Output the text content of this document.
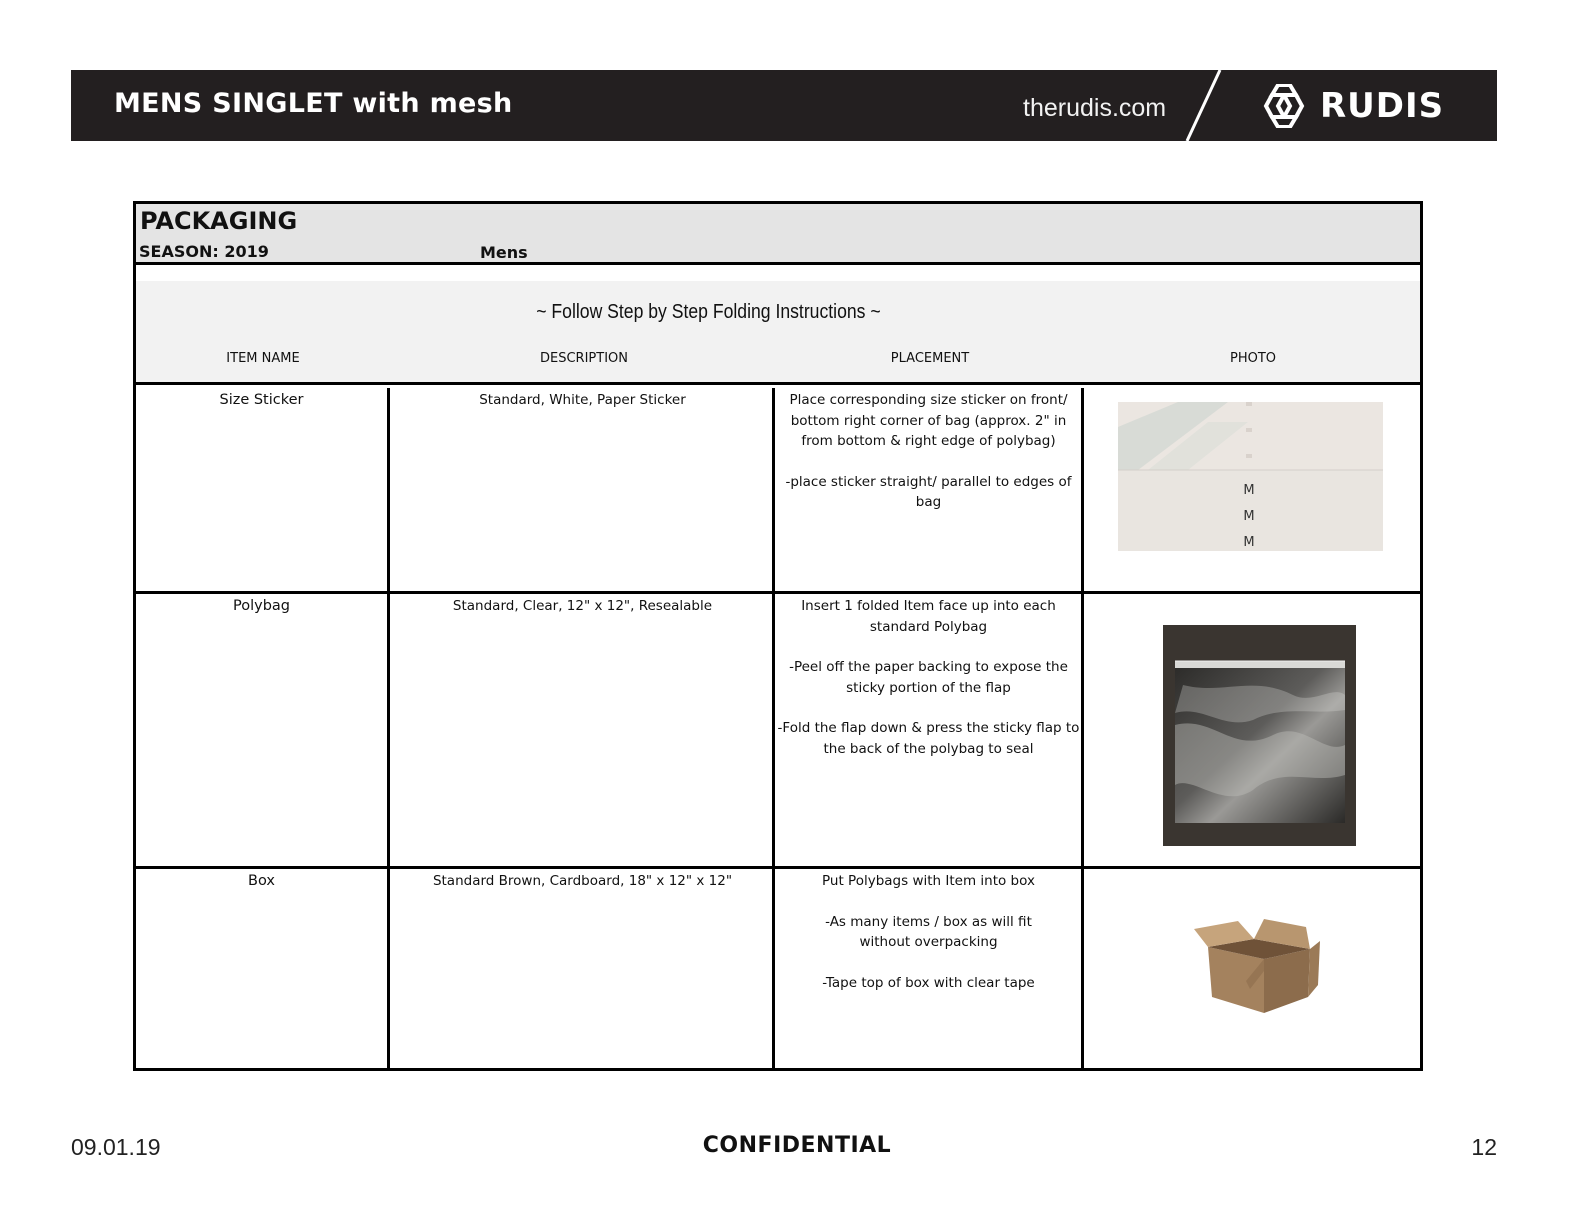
MENS SINGLET with mesh	therudis.com	RUDIS
PACKAGING
SEASON: 2019	Mens
~ Follow Step by Step Folding Instructions ~
ITEM NAME	DESCRIPTION	PLACEMENT	PHOTO
Size Sticker	Standard, White, Paper Sticker	Place corresponding size sticker on front/ bottom right corner of bag (approx. 2" in from bottom & right edge of polybag)

-place sticker straight/ parallel to edges of bag

M
M
M
Polybag	Standard, Clear, 12" x 12", Resealable	Insert 1 folded Item face up into each standard Polybag

-Peel off the paper backing to expose the sticky portion of the flap

-Fold the flap down & press the sticky flap to the back of the polybag to seal

Box	Standard Brown, Cardboard, 18" x 12" x 12"	Put Polybags with Item into box

-As many items / box as will fit without overpacking

-Tape top of box with clear tape

09.01.19	CONFIDENTIAL	12
